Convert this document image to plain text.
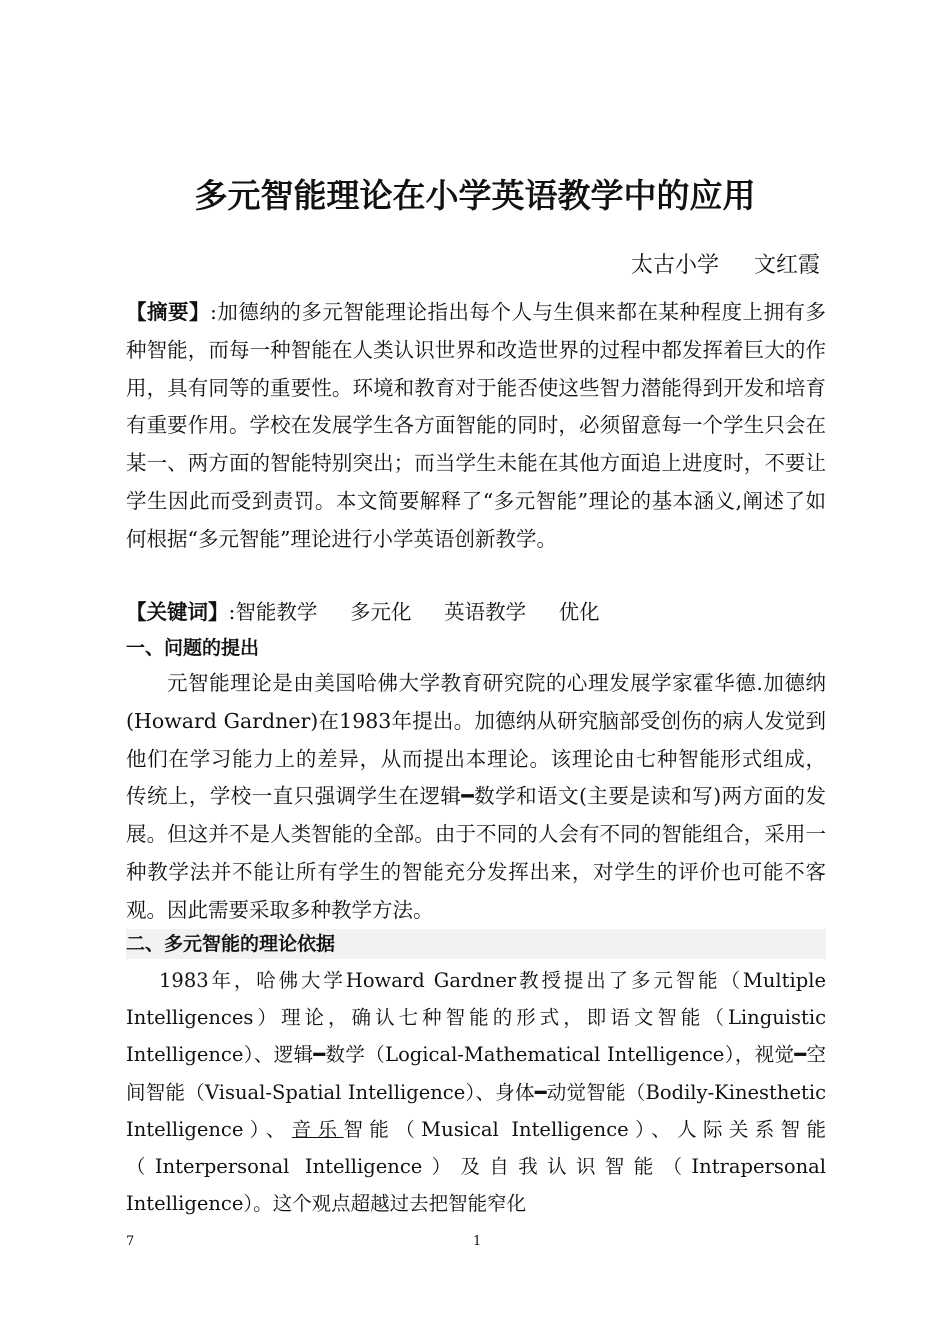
多元智能理论在小学英语教学中的应用
太古小学     文红霞
【摘要】:加德纳的多元智能理论指出每个人与生俱来都在某种程度上拥有多种智能，而每一种智能在人类认识世界和改造世界的过程中都发挥着巨大的作用，具有同等的重要性。环境和教育对于能否使这些智力潜能得到开发和培育有重要作用。学校在发展学生各方面智能的同时，必须留意每一个学生只会在某一、两方面的智能特别突出；而当学生未能在其他方面追上进度时，不要让学生因此而受到责罚。本文简要解释了“多元智能”理论的基本涵义,阐述了如何根据“多元智能”理论进行小学英语创新教学。
【关键词】:智能教学     多元化     英语教学     优化
一、问题的提出
元智能理论是由美国哈佛大学教育研究院的心理发展学家霍华德.加德纳(Howard Gardner)在1983年提出。加德纳从研究脑部受创伤的病人发觉到他们在学习能力上的差异，从而提出本理论。该理论由七种智能形式组成， 传统上，学校一直只强调学生在逻辑━数学和语文(主要是读和写)两方面的发展。但这并不是人类智能的全部。由于不同的人会有不同的智能组合，采用一种教学法并不能让所有学生的智能充分发挥出来，对学生的评价也可能不客观。因此需要采取多种教学方法。
二、多元智能的理论依据
1983年，哈佛大学Howard Gardner教授提出了多元智能（Multiple Intelligences）理论，确认七种智能的形式，即语文智能（Linguistic Intelligence）、逻辑━数学（Logical-Mathematical Intelligence），视觉━空间智能（Visual-Spatial Intelligence）、身体━动觉智能（Bodily-Kinesthetic Intelligence）、音乐智能（Musical Intelligence）、人际关系智能（Interpersonal Intelligence）及自我认识智能（Intrapersonal Intelligence）。这个观点超越过去把智能窄化
7	1
